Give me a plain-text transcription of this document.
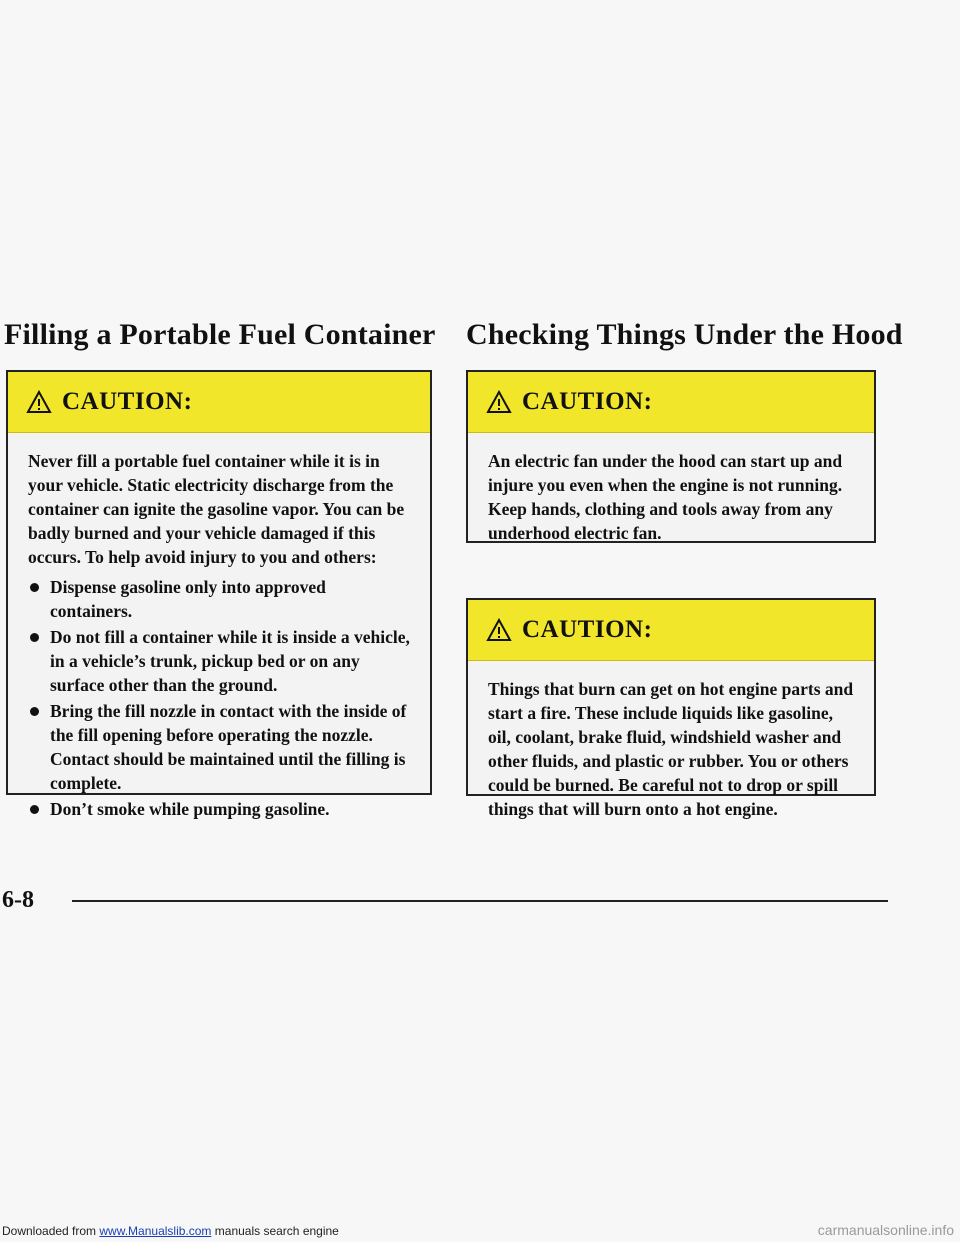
Filling a Portable Fuel Container
CAUTION:

Never fill a portable fuel container while it is in your vehicle. Static electricity discharge from the container can ignite the gasoline vapor. You can be badly burned and your vehicle damaged if this occurs. To help avoid injury to you and others:

Dispense gasoline only into approved containers.
Do not fill a container while it is inside a vehicle, in a vehicle’s trunk, pickup bed or on any surface other than the ground.
Bring the fill nozzle in contact with the inside of the fill opening before operating the nozzle. Contact should be maintained until the filling is complete.
Don’t smoke while pumping gasoline.
Checking Things Under the Hood
CAUTION:

An electric fan under the hood can start up and injure you even when the engine is not running. Keep hands, clothing and tools away from any underhood electric fan.

CAUTION:

Things that burn can get on hot engine parts and start a fire. These include liquids like gasoline, oil, coolant, brake fluid, windshield washer and other fluids, and plastic or rubber. You or others could be burned. Be careful not to drop or spill things that will burn onto a hot engine.

6-8
Downloaded from www.Manualslib.com manuals search engine	carmanualsonline.info
